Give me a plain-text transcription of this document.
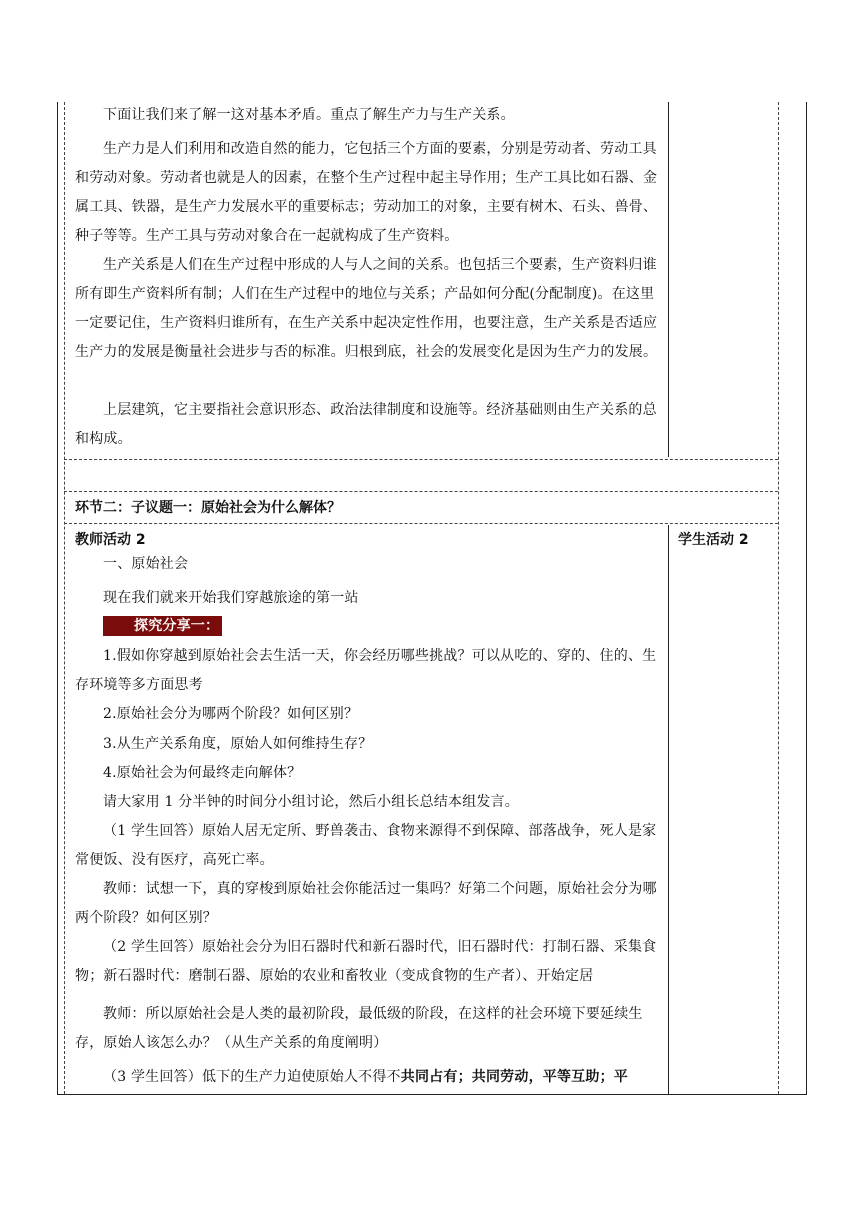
下面让我们来了解一这对基本矛盾。重点了解生产力与生产关系。
生产力是人们利用和改造自然的能力，它包括三个方面的要素，分别是劳动者、劳动工具和劳动对象。劳动者也就是人的因素，在整个生产过程中起主导作用；生产工具比如石器、金属工具、铁器，是生产力发展水平的重要标志；劳动加工的对象，主要有树木、石头、兽骨、种子等等。生产工具与劳动对象合在一起就构成了生产资料。
生产关系是人们在生产过程中形成的人与人之间的关系。也包括三个要素，生产资料归谁所有即生产资料所有制；人们在生产过程中的地位与关系；产品如何分配(分配制度)。在这里一定要记住，生产资料归谁所有，在生产关系中起决定性作用，也要注意，生产关系是否适应生产力的发展是衡量社会进步与否的标准。归根到底，社会的发展变化是因为生产力的发展。
上层建筑，它主要指社会意识形态、政治法律制度和设施等。经济基础则由生产关系的总和构成。
环节二：子议题一：原始社会为什么解体？
教师活动 2	学生活动 2
一、原始社会
现在我们就来开始我们穿越旅途的第一站
探究分享一：
1.假如你穿越到原始社会去生活一天，你会经历哪些挑战？可以从吃的、穿的、住的、生存环境等多方面思考
2.原始社会分为哪两个阶段？如何区别？
3.从生产关系角度，原始人如何维持生存？
4.原始社会为何最终走向解体？
请大家用 1 分半钟的时间分小组讨论，然后小组长总结本组发言。
（1 学生回答）原始人居无定所、野兽袭击、食物来源得不到保障、部落战争，死人是家常便饭、没有医疗，高死亡率。
教师：试想一下，真的穿梭到原始社会你能活过一集吗？好第二个问题，原始社会分为哪两个阶段？如何区别？
（2 学生回答）原始社会分为旧石器时代和新石器时代，旧石器时代：打制石器、采集食物；新石器时代：磨制石器、原始的农业和畜牧业（变成食物的生产者）、开始定居
教师：所以原始社会是人类的最初阶段，最低级的阶段，在这样的社会环境下要延续生存，原始人该怎么办？（从生产关系的角度阐明）
（3 学生回答）低下的生产力迫使原始人不得不共同占有；共同劳动，平等互助；平
